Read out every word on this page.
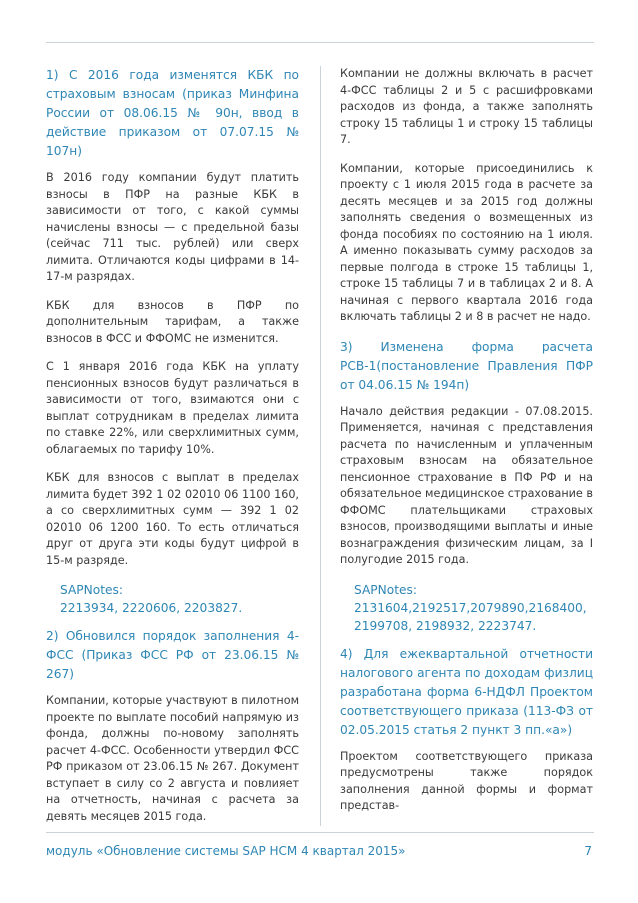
1) С 2016 года изменятся КБК по страховым взносам (приказ Минфина России от 08.06.15 № 90н, ввод в действие приказом от 07.07.15 № 107н)

В 2016 году компании будут платить взносы в ПФР на разные КБК в зависимости от того, с какой суммы начислены взносы — с предельной базы (сейчас 711 тыс. рублей) или сверх лимита. Отличаются коды цифрами в 14-17-м разрядах.

КБК для взносов в ПФР по дополнительным тарифам, а также взносов в ФСС и ФФОМС не изменится.

С 1 января 2016 года КБК на уплату пенсионных взносов будут различаться в зависимости от того, взимаются они с выплат сотрудникам в пределах лимита по ставке 22%, или сверхлимитных сумм, облагаемых по тарифу 10%.

КБК для взносов с выплат в пределах лимита будет 392 1 02 02010 06 1100 160, а со сверхлимитных сумм — 392 1 02 02010 06 1200 160. То есть отличаться друг от друга эти коды будут цифрой в 15-м разряде.

SAPNotes:
2213934, 2220606, 2203827.

2) Обновился порядок заполнения 4-ФСС (Приказ ФСС РФ от 23.06.15 № 267)

Компании, которые участвуют в пилотном проекте по выплате пособий напрямую из фонда, должны по-новому заполнять расчет 4-ФСС. Особенности утвердил ФСС РФ приказом от 23.06.15 № 267. Документ вступает в силу со 2 августа и повлияет на отчетность, начиная с расчета за девять месяцев 2015 года.

Компании не должны включать в расчет 4-ФСС таблицы 2 и 5 с расшифровками расходов из фонда, а также заполнять строку 15 таблицы 1 и строку 15 таблицы 7.

Компании, которые присоединились к проекту с 1 июля 2015 года в расчете за десять месяцев и за 2015 год должны заполнять сведения о возмещенных из фонда пособиях по состоянию на 1 июля. А именно показывать сумму расходов за первые полгода в строке 15 таблицы 1, строке 15 таблицы 7 и в таблицах 2 и 8. А начиная с первого квартала 2016 года включать таблицы 2 и 8 в расчет не надо.

3) Изменена форма расчета РСВ-1(постановление Правления ПФР от 04.06.15 № 194п)

Начало действия редакции - 07.08.2015. Применяется, начиная с представления расчета по начисленным и уплаченным страховым взносам на обязательное пенсионное страхование в ПФ РФ и на обязательное медицинское страхование в ФФОМС плательщиками страховых взносов, производящими выплаты и иные вознаграждения физическим лицам, за I полугодие 2015 года.

SAPNotes:
2131604,2192517,2079890,2168400, 2199708, 2198932, 2223747.

4) Для ежеквартальной отчетности налогового агента по доходам физлиц разработана форма 6-НДФЛ Проектом соответствующего приказа (113-ФЗ от 02.05.2015 статья 2 пункт 3 пп.«а»)

Проектом соответствующего приказа предусмотрены также порядок заполнения данной формы и формат представ-

модуль «Обновление системы SAP HCM 4 квартал 2015»	7
